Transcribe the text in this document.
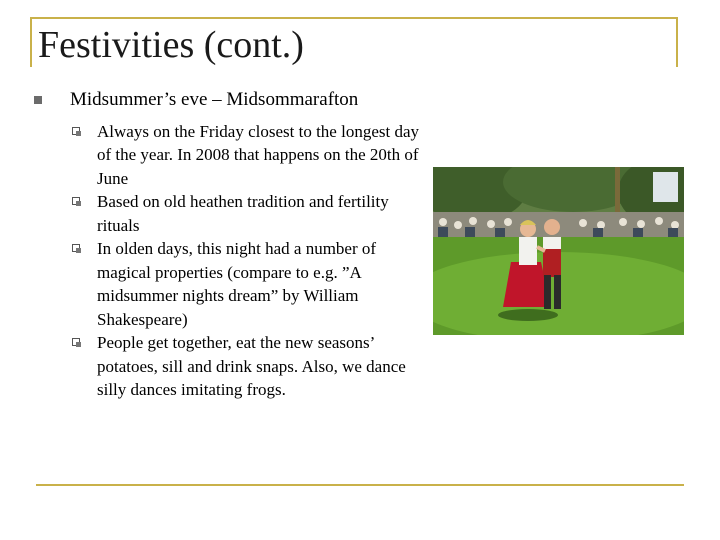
Festivities (cont.)
Midsummer’s eve – Midsommarafton
Always on the Friday closest to the longest day of the year. In 2008 that happens on the 20th of June
Based on old heathen tradition and fertility rituals
In olden days, this night had a number of magical properties (compare to e.g. ”A midsummer nights dream” by William Shakespeare)
People get together, eat the new seasons’ potatoes, sill and drink snaps. Also, we dance silly dances imitating frogs.
